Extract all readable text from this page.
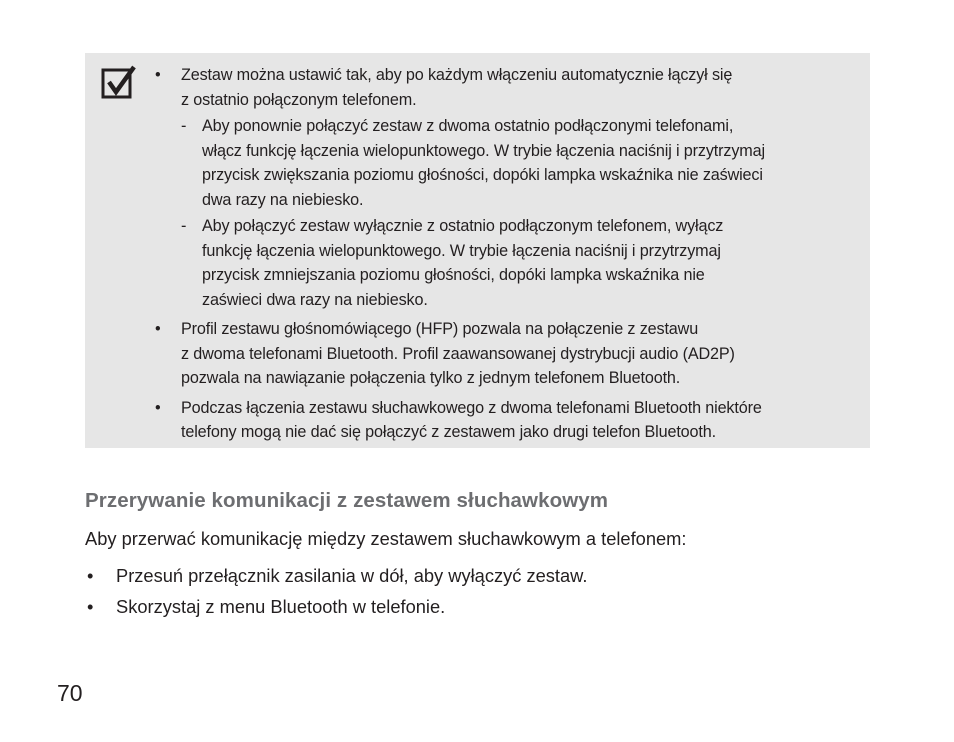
• Zestaw można ustawić tak, aby po każdym włączeniu automatycznie łączył się
z ostatnio połączonym telefonem.
- Aby ponownie połączyć zestaw z dwoma ostatnio podłączonymi telefonami,
włącz funkcję łączenia wielopunktowego. W trybie łączenia naciśnij i przytrzymaj
przycisk zwiększania poziomu głośności, dopóki lampka wskaźnika nie zaświeci
dwa razy na niebiesko.
- Aby połączyć zestaw wyłącznie z ostatnio podłączonym telefonem, wyłącz
funkcję łączenia wielopunktowego. W trybie łączenia naciśnij i przytrzymaj
przycisk zmniejszania poziomu głośności, dopóki lampka wskaźnika nie
zaświeci dwa razy na niebiesko.
• Profil zestawu głośnomówiącego (HFP) pozwala na połączenie z zestawu
z dwoma telefonami Bluetooth. Profil zaawansowanej dystrybucji audio (AD2P)
pozwala na nawiązanie połączenia tylko z jednym telefonem Bluetooth.
• Podczas łączenia zestawu słuchawkowego z dwoma telefonami Bluetooth niektóre
telefony mogą nie dać się połączyć z zestawem jako drugi telefon Bluetooth.
Przerywanie komunikacji z zestawem słuchawkowym
Aby przerwać komunikację między zestawem słuchawkowym a telefonem:
• Przesuń przełącznik zasilania w dół, aby wyłączyć zestaw.
• Skorzystaj z menu Bluetooth w telefonie.
70
